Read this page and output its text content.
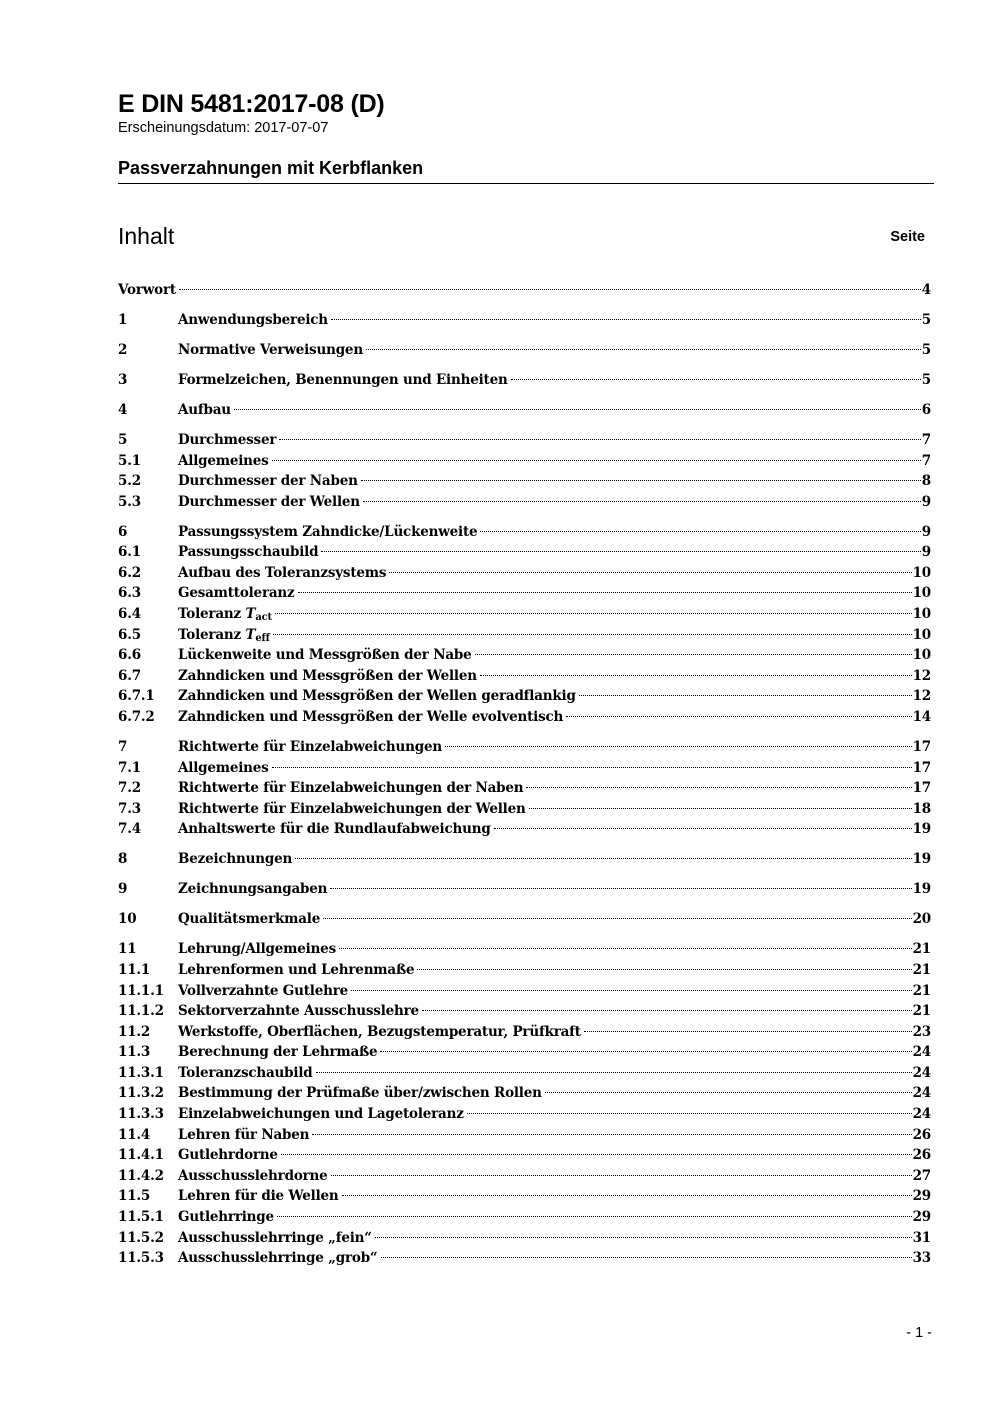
E DIN 5481:2017-08 (D)
Erscheinungsdatum: 2017-07-07
Passverzahnungen mit Kerbflanken
Inhalt	Seite
Vorwort	4
1	Anwendungsbereich	5
2	Normative Verweisungen	5
3	Formelzeichen, Benennungen und Einheiten	5
4	Aufbau	6
5	Durchmesser	7
5.1	Allgemeines	7
5.2	Durchmesser der Naben	8
5.3	Durchmesser der Wellen	9
6	Passungssystem Zahndicke/Lückenweite	9
6.1	Passungsschaubild	9
6.2	Aufbau des Toleranzsystems	10
6.3	Gesamttoleranz	10
6.4	Toleranz Tact	10
6.5	Toleranz Teff	10
6.6	Lückenweite und Messgrößen der Nabe	10
6.7	Zahndicken und Messgrößen der Wellen	12
6.7.1	Zahndicken und Messgrößen der Wellen geradflankig	12
6.7.2	Zahndicken und Messgrößen der Welle evolventisch	14
7	Richtwerte für Einzelabweichungen	17
7.1	Allgemeines	17
7.2	Richtwerte für Einzelabweichungen der Naben	17
7.3	Richtwerte für Einzelabweichungen der Wellen	18
7.4	Anhaltswerte für die Rundlaufabweichung	19
8	Bezeichnungen	19
9	Zeichnungsangaben	19
10	Qualitätsmerkmale	20
11	Lehrung/Allgemeines	21
11.1	Lehrenformen und Lehrenmaße	21
11.1.1	Vollverzahnte Gutlehre	21
11.1.2	Sektorverzahnte Ausschusslehre	21
11.2	Werkstoffe, Oberflächen, Bezugstemperatur, Prüfkraft	23
11.3	Berechnung der Lehrmaße	24
11.3.1	Toleranzschaubild	24
11.3.2	Bestimmung der Prüfmaße über/zwischen Rollen	24
11.3.3	Einzelabweichungen und Lagetoleranz	24
11.4	Lehren für Naben	26
11.4.1	Gutlehrdorne	26
11.4.2	Ausschusslehrdorne	27
11.5	Lehren für die Wellen	29
11.5.1	Gutlehrringe	29
11.5.2	Ausschusslehrringe „fein“	31
11.5.3	Ausschusslehrringe „grob“	33
- 1 -
